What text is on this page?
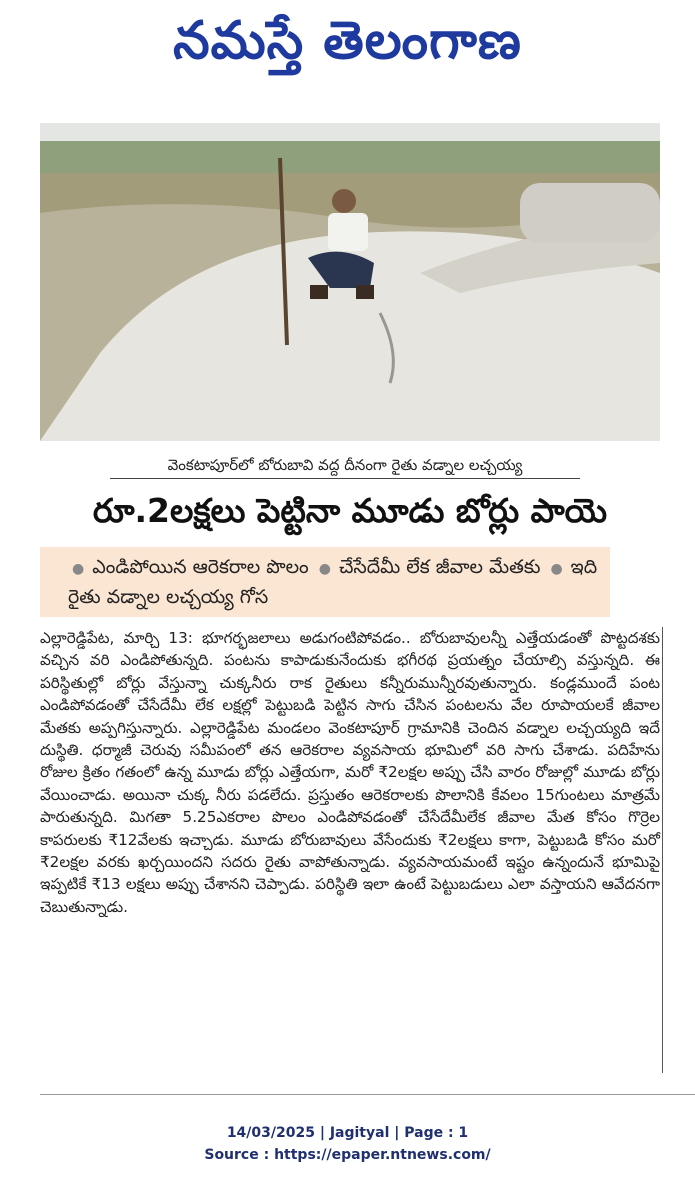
నమస్తే తెలంగాణ
వెంకటాపూర్‌లో బోరుబావి వద్ద దీనంగా రైతు వడ్నాల లచ్చయ్య
రూ.2లక్షలు పెట్టినా మూడు బోర్లు పాయె
● ఎండిపోయిన ఆరెకరాల పొలం ● చేసేదేమీ లేక జీవాల మేతకు ● ఇది రైతు వడ్నాల లచ్చయ్య గోస

ఎల్లారెడ్డిపేట, మార్చి 13: భూగర్భజలాలు అడుగంటిపోవడం.. బోరుబావులన్నీ ఎత్తేయడంతో పొట్టదశకు వచ్చిన వరి ఎండిపోతున్నది. పంటను కాపాడుకునేందుకు భగీరథ ప్రయత్నం చేయాల్సి వస్తున్నది. ఈ పరిస్థితుల్లో బోర్లు వేస్తున్నా చుక్కనీరు రాక రైతులు కన్నీరుమున్నీరవుతున్నారు. కండ్లముందే పంట ఎండిపోవడంతో చేసేదేమీ లేక లక్షల్లో పెట్టుబడి పెట్టిన సాగు చేసిన పంటలను వేల రూపాయలకే జీవాల మేతకు అప్పగిస్తున్నారు. ఎల్లారెడ్డిపేట మండలం వెంకటాపూర్ గ్రామానికి చెందిన వడ్నాల లచ్చయ్యది ఇదే దుస్థితి. ధర్మాజీ చెరువు సమీపంలో తన ఆరెకరాల వ్యవసాయ భూమిలో వరి సాగు చేశాడు. పదిహేను రోజుల క్రితం గతంలో ఉన్న మూడు బోర్లు ఎత్తేయగా, మరో ₹2లక్షల అప్పు చేసి వారం రోజుల్లో మూడు బోర్లు వేయించాడు. అయినా చుక్క నీరు పడలేదు. ప్రస్తుతం ఆరెకరాలకు పొలానికి కేవలం 15గుంటలు మాత్రమే పారుతున్నది. మిగతా 5.25ఎకరాల పొలం ఎండిపోవడంతో చేసేదేమీలేక జీవాల మేత కోసం గొర్రెల కాపరులకు ₹12వేలకు ఇచ్చాడు. మూడు బోరుబావులు వేసేందుకు ₹2లక్షలు కాగా, పెట్టుబడి కోసం మరో ₹2లక్షల వరకు ఖర్చయిందని సదరు రైతు వాపోతున్నాడు. వ్యవసాయమంటే ఇష్టం ఉన్నందునే భూమిపై ఇప్పటికే ₹13 లక్షలు అప్పు చేశానని చెప్పాడు. పరిస్థితి ఇలా ఉంటే పెట్టుబడులు ఎలా వస్తాయని ఆవేదనగా చెబుతున్నాడు.

14/03/2025 | Jagityal | Page : 1
Source : https://epaper.ntnews.com/
